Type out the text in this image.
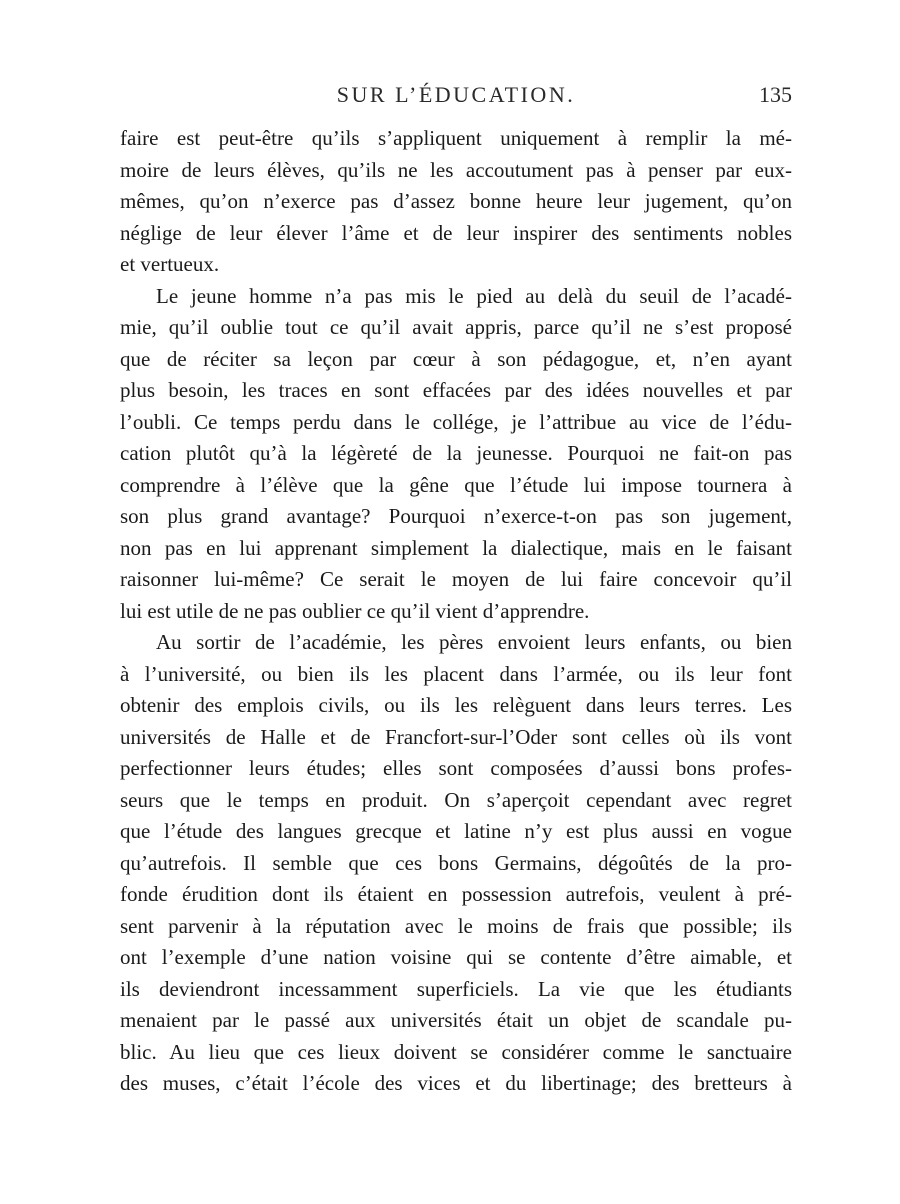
SUR L’ÉDUCATION.	135

faire est peut-être qu’ils s’appliquent uniquement à remplir la mé-
moire de leurs élèves, qu’ils ne les accoutument pas à penser par eux-
mêmes, qu’on n’exerce pas d’assez bonne heure leur jugement, qu’on
néglige de leur élever l’âme et de leur inspirer des sentiments nobles
et vertueux.

Le jeune homme n’a pas mis le pied au delà du seuil de l’acadé-
mie, qu’il oublie tout ce qu’il avait appris, parce qu’il ne s’est proposé
que de réciter sa leçon par cœur à son pédagogue, et, n’en ayant
plus besoin, les traces en sont effacées par des idées nouvelles et par
l’oubli. Ce temps perdu dans le collége, je l’attribue au vice de l’édu-
cation plutôt qu’à la légèreté de la jeunesse. Pourquoi ne fait-on pas
comprendre à l’élève que la gêne que l’étude lui impose tournera à
son plus grand avantage? Pourquoi n’exerce-t-on pas son jugement,
non pas en lui apprenant simplement la dialectique, mais en le faisant
raisonner lui-même? Ce serait le moyen de lui faire concevoir qu’il
lui est utile de ne pas oublier ce qu’il vient d’apprendre.

Au sortir de l’académie, les pères envoient leurs enfants, ou bien
à l’université, ou bien ils les placent dans l’armée, ou ils leur font
obtenir des emplois civils, ou ils les relèguent dans leurs terres. Les
universités de Halle et de Francfort-sur-l’Oder sont celles où ils vont
perfectionner leurs études; elles sont composées d’aussi bons profes-
seurs que le temps en produit. On s’aperçoit cependant avec regret
que l’étude des langues grecque et latine n’y est plus aussi en vogue
qu’autrefois. Il semble que ces bons Germains, dégoûtés de la pro-
fonde érudition dont ils étaient en possession autrefois, veulent à pré-
sent parvenir à la réputation avec le moins de frais que possible; ils
ont l’exemple d’une nation voisine qui se contente d’être aimable, et
ils deviendront incessamment superficiels. La vie que les étudiants
menaient par le passé aux universités était un objet de scandale pu-
blic. Au lieu que ces lieux doivent se considérer comme le sanctuaire
des muses, c’était l’école des vices et du libertinage; des bretteurs à
